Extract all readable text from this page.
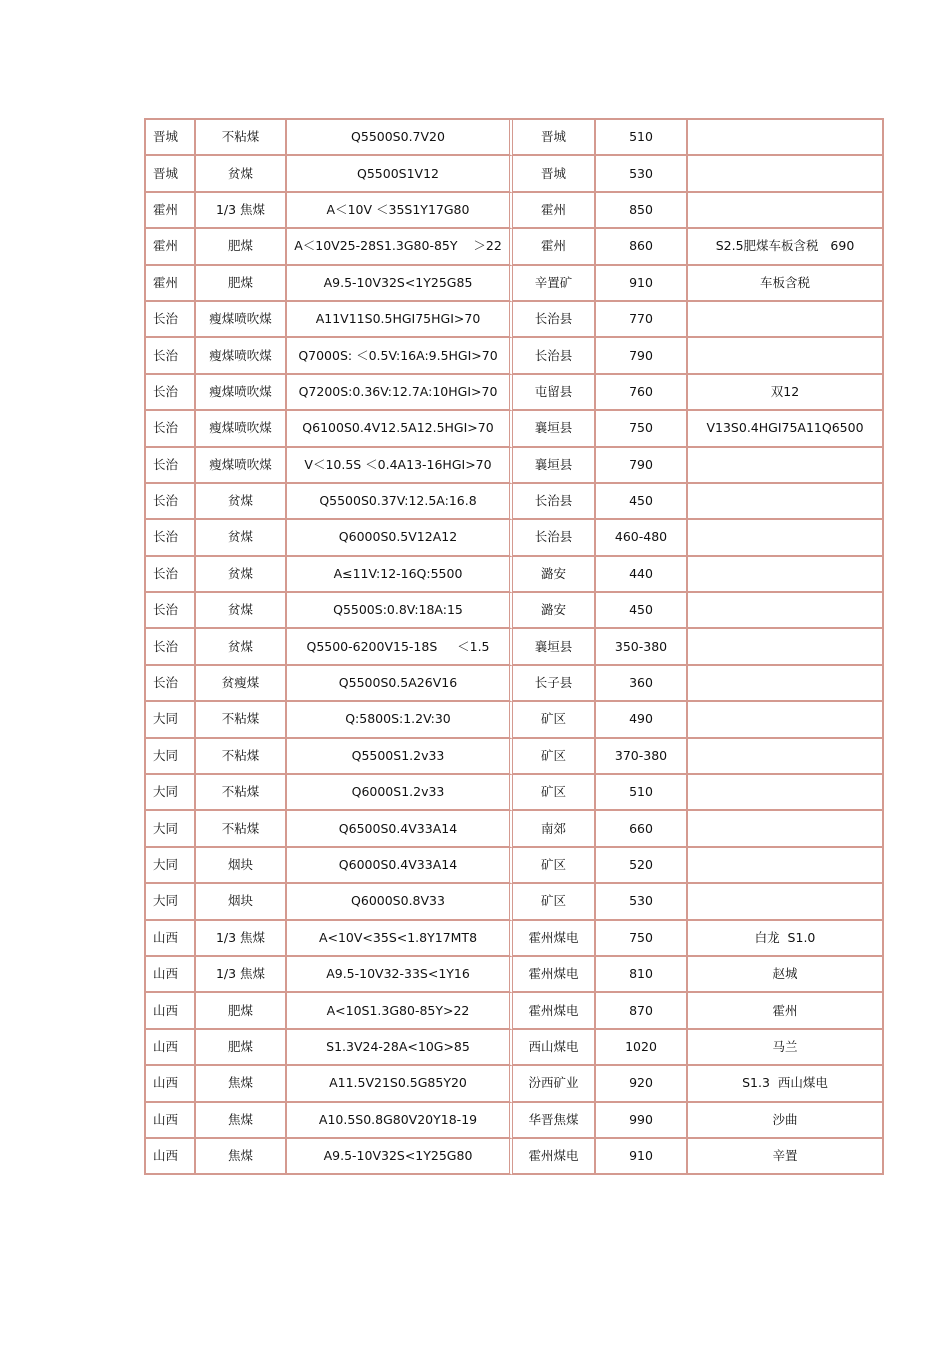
晋城	不粘煤	Q5500S0.7V20	晋城	510	
晋城	贫煤	Q5500S1V12	晋城	530	
霍州	1/3 焦煤	A＜10V ＜35S1Y17G80	霍州	850	
霍州	肥煤	A＜10V25-28S1.3G80-85Y    ＞22	霍州	860	S2.5肥煤车板含税   690
霍州	肥煤	A9.5-10V32S<1Y25G85	辛置矿	910	车板含税
长治	瘦煤喷吹煤	A11V11S0.5HGI75HGI>70	长治县	770	
长治	瘦煤喷吹煤	Q7000S: ＜0.5V:16A:9.5HGI>70	长治县	790	
长治	瘦煤喷吹煤	Q7200S:0.36V:12.7A:10HGI>70	屯留县	760	双12
长治	瘦煤喷吹煤	Q6100S0.4V12.5A12.5HGI>70	襄垣县	750	V13S0.4HGI75A11Q6500
长治	瘦煤喷吹煤	V＜10.5S ＜0.4A13-16HGI>70	襄垣县	790	
长治	贫煤	Q5500S0.37V:12.5A:16.8	长治县	450	
长治	贫煤	Q6000S0.5V12A12	长治县	460-480	
长治	贫煤	A≤11V:12-16Q:5500	潞安	440	
长治	贫煤	Q5500S:0.8V:18A:15	潞安	450	
长治	贫煤	Q5500-6200V15-18S     ＜1.5	襄垣县	350-380	
长治	贫瘦煤	Q5500S0.5A26V16	长子县	360	
大同	不粘煤	Q:5800S:1.2V:30	矿区	490	
大同	不粘煤	Q5500S1.2v33	矿区	370-380	
大同	不粘煤	Q6000S1.2v33	矿区	510	
大同	不粘煤	Q6500S0.4V33A14	南郊	660	
大同	烟块	Q6000S0.4V33A14	矿区	520	
大同	烟块	Q6000S0.8V33	矿区	530	
山西	1/3 焦煤	A<10V<35S<1.8Y17MT8	霍州煤电	750	白龙  S1.0
山西	1/3 焦煤	A9.5-10V32-33S<1Y16	霍州煤电	810	赵城
山西	肥煤	A<10S1.3G80-85Y>22	霍州煤电	870	霍州
山西	肥煤	S1.3V24-28A<10G>85	西山煤电	1020	马兰
山西	焦煤	A11.5V21S0.5G85Y20	汾西矿业	920	S1.3  西山煤电
山西	焦煤	A10.5S0.8G80V20Y18-19	华晋焦煤	990	沙曲
山西	焦煤	A9.5-10V32S<1Y25G80	霍州煤电	910	辛置
